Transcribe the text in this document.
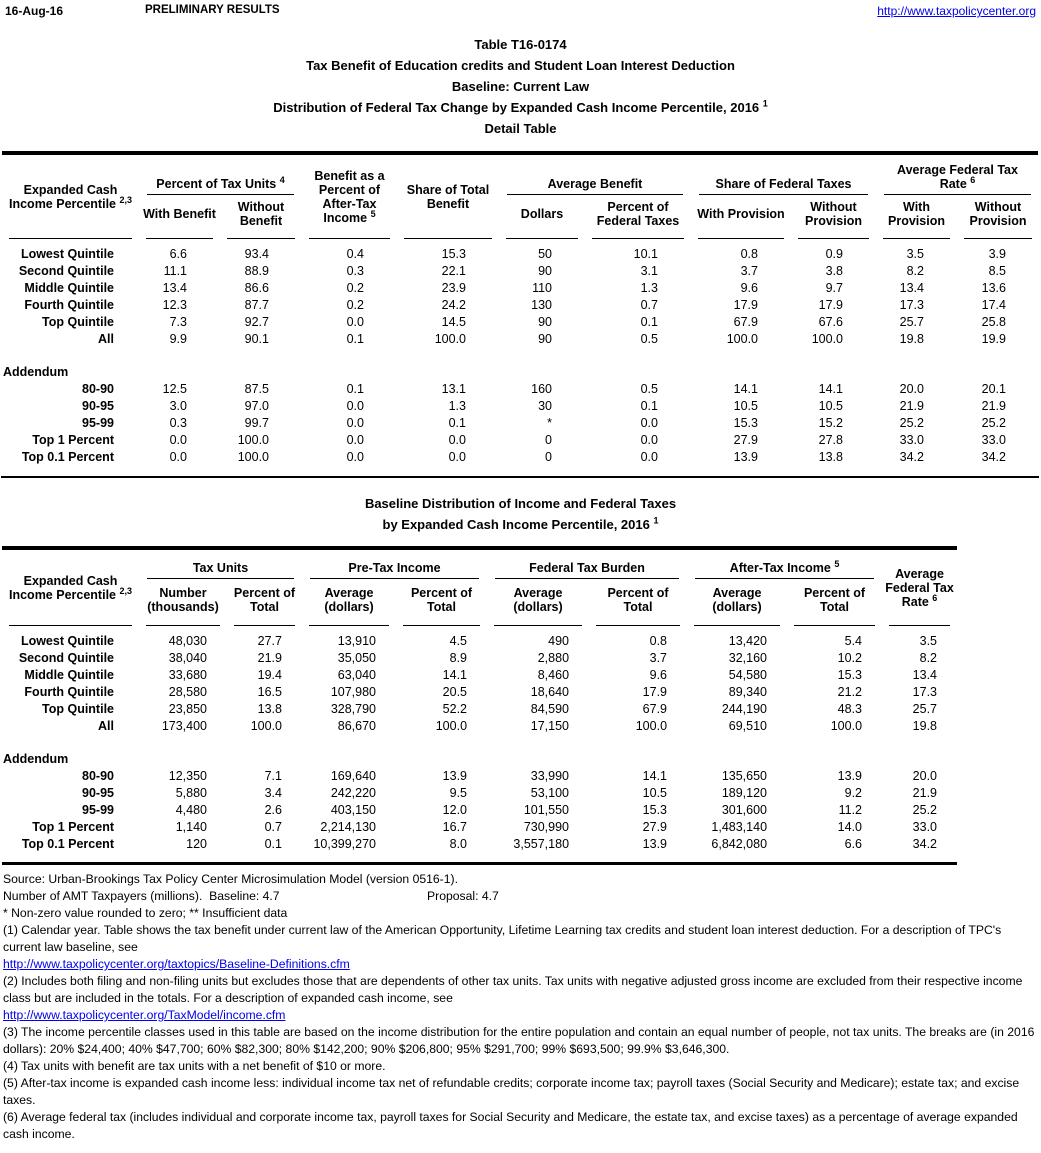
16-Aug-16	PRELIMINARY RESULTS	http://www.taxpolicycenter.org
Table T16-0174
Tax Benefit of Education credits and Student Loan Interest Deduction
Baseline: Current Law
Distribution of Federal Tax Change by Expanded Cash Income Percentile, 2016 $^1$
Detail Table
Expanded Cash Income Percentile $^{2,3}$	Percent of Tax Units $^4$		Benefit as a Percent of After-Tax Income $^5$	Share of Total Benefit	Average Benefit		Share of Federal Taxes		Average Federal Tax Rate $^6$

	With Benefit	Without Benefit			Dollars	Percent of Federal Taxes	With Provision	Without Provision	With Provision	Without Provision
Lowest Quintile	6.6	93.4	0.4	15.3	50	10.1	0.8	0.9	3.5	3.9
Second Quintile	11.1	88.9	0.3	22.1	90	3.1	3.7	3.8	8.2	8.5
Middle Quintile	13.4	86.6	0.2	23.9	110	1.3	9.6	9.7	13.4	13.6
Fourth Quintile	12.3	87.7	0.2	24.2	130	0.7	17.9	17.9	17.3	17.4
Top Quintile	7.3	92.7	0.0	14.5	90	0.1	67.9	67.6	25.7	25.8
All	9.9	90.1	0.1	100.0	90	0.5	100.0	100.0	19.8	19.9

Addendum										
80-90	12.5	87.5	0.1	13.1	160	0.5	14.1	14.1	20.0	20.1
90-95	3.0	97.0	0.0	1.3	30	0.1	10.5	10.5	21.9	21.9
95-99	0.3	99.7	0.0	0.1	*	0.0	15.3	15.2	25.2	25.2
Top 1 Percent	0.0	100.0	0.0	0.0	0	0.0	27.9	27.8	33.0	33.0
Top 0.1 Percent	0.0	100.0	0.0	0.0	0	0.0	13.9	13.8	34.2	34.2
Baseline Distribution of Income and Federal Taxes
by Expanded Cash Income Percentile, 2016 $^1$
Expanded Cash Income Percentile $^{2,3}$	Tax Units		Pre-Tax Income		Federal Tax Burden		After-Tax Income $^5$		Average Federal Tax Rate $^6$
	Number (thousands)	Percent of Total	Average (dollars)	Percent of Total	Average (dollars)	Percent of Total	Average (dollars)	Percent of Total	
Lowest Quintile	48,030	27.7	13,910	4.5	490	0.8	13,420	5.4	3.5
Second Quintile	38,040	21.9	35,050	8.9	2,880	3.7	32,160	10.2	8.2
Middle Quintile	33,680	19.4	63,040	14.1	8,460	9.6	54,580	15.3	13.4
Fourth Quintile	28,580	16.5	107,980	20.5	18,640	17.9	89,340	21.2	17.3
Top Quintile	23,850	13.8	328,790	52.2	84,590	67.9	244,190	48.3	25.7
All	173,400	100.0	86,670	100.0	17,150	100.0	69,510	100.0	19.8

Addendum									
80-90	12,350	7.1	169,640	13.9	33,990	14.1	135,650	13.9	20.0
90-95	5,880	3.4	242,220	9.5	53,100	10.5	189,120	9.2	21.9
95-99	4,480	2.6	403,150	12.0	101,550	15.3	301,600	11.2	25.2
Top 1 Percent	1,140	0.7	2,214,130	16.7	730,990	27.9	1,483,140	14.0	33.0
Top 0.1 Percent	120	0.1	10,399,270	8.0	3,557,180	13.9	6,842,080	6.6	34.2

Source: Urban-Brookings Tax Policy Center Microsimulation Model (version 0516-1).

Number of AMT Taxpayers (millions).  Baseline: 4.7	Proposal: 4.7

* Non-zero value rounded to zero; ** Insufficient data

(1) Calendar year. Table shows the tax benefit under current law of the American Opportunity, Lifetime Learning tax credits and student loan interest deduction. For a description of TPC's current law baseline, see

http://www.taxpolicycenter.org/taxtopics/Baseline-Definitions.cfm

(2) Includes both filing and non-filing units but excludes those that are dependents of other tax units. Tax units with negative adjusted gross income are excluded from their respective income class but are included in the totals. For a description of expanded cash income, see

http://www.taxpolicycenter.org/TaxModel/income.cfm

(3) The income percentile classes used in this table are based on the income distribution for the entire population and contain an equal number of people, not tax units. The breaks are (in 2016 dollars): 20% $24,400; 40% $47,700; 60% $82,300; 80% $142,200; 90% $206,800; 95% $291,700; 99% $693,500; 99.9% $3,646,300.

(4) Tax units with benefit are tax units with a net benefit of $10 or more.

(5) After-tax income is expanded cash income less: individual income tax net of refundable credits; corporate income tax; payroll taxes (Social Security and Medicare); estate tax; and excise taxes.

(6) Average federal tax (includes individual and corporate income tax, payroll taxes for Social Security and Medicare, the estate tax, and excise taxes) as a percentage of average expanded cash income.
